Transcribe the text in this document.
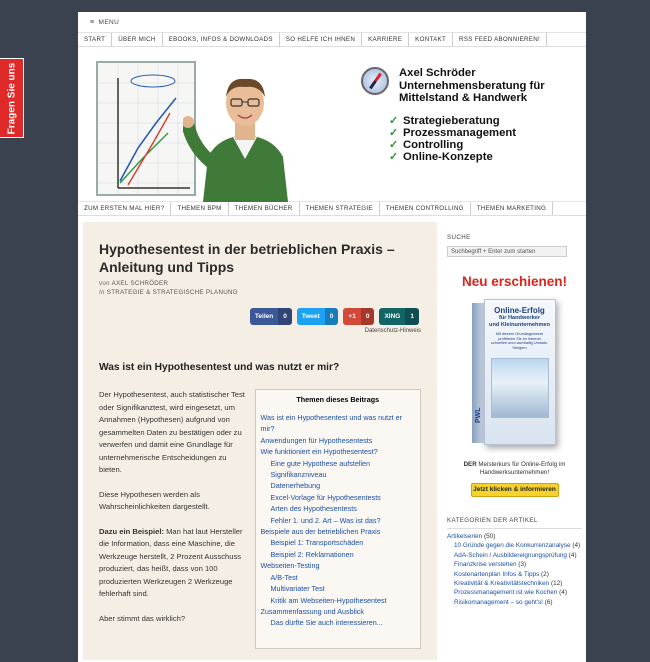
Fragen Sie uns
≡ MENU
START	ÜBER MICH	EBOOKS, INFOS & DOWNLOADS	SO HELFE ICH IHNEN	KARRIERE	KONTAKT	RSS FEED ABONNIEREN!
Axel Schröder
Unternehmensberatung für
Mittelstand & Handwerk
✓ Strategieberatung
✓ Prozessmanagement
✓ Controlling
✓ Online-Konzepte
ZUM ERSTEN MAL HIER?	THEMEN BPM	THEMEN BÜCHER	THEMEN STRATEGIE	THEMEN CONTROLLING	THEMEN MARKETING
Hypothesentest in der betrieblichen Praxis – Anleitung und Tipps
von AXEL SCHRÖDER
In STRATEGIE & STRATEGISCHE PLANUNG
Teilen	0	Tweet	0	+1	0	XING	1
Datenschutz-Hinweis
Was ist ein Hypothesentest und was nutzt er mir?

Der Hypothesentest, auch statistischer Test oder Signifikanztest, wird eingesetzt, um Annahmen (Hypothesen) aufgrund von gesammelten Daten zu bestätigen oder zu verwerfen und damit eine Grundlage für unternehmerische Entscheidungen zu bieten.

Diese Hypothesen werden als Wahrscheinlichkeiten dargestellt.

Dazu ein Beispiel: Man hat laut Hersteller die Information, dass eine Maschine, die Werkzeuge herstellt, 2 Prozent Ausschuss produziert, das heißt, dass von 100 produzierten Werkzeugen 2 Werkzeuge fehlerhaft sind.

Aber stimmt das wirklich?

Themen dieses Beitrags
Was ist ein Hypothesentest und was nutzt er mir?
Anwendungen für Hypothesentests
Wie funktioniert ein Hypothesentest?
Eine gute Hypothese aufstellen
Signifikanzniveau
Datenerhebung
Excel-Vorlage für Hypothesentests
Arten des Hypothesentests
Fehler 1. und 2. Art – Was ist das?
Beispiele aus der betrieblichen Praxis
Beispiel 1: Transportschäden
Beispiel 2: Reklamationen
Webseiten-Testing
A/B-Test
Multivariater Test
Kritik am Webseiten-Hypothesentest
Zusammenfassung und Ausblick
Das dürfte Sie auch interessieren...
SUCHE
Suchbegriff + Enter zum starten
Neu erschienen!
PWL
Online-Erfolg
für Handwerker
und Kleinunternehmen
Mit diesem Grundlagenwerk profitieren Sie im Internet schnellen und nachhaltig Umsatz-Steigern
DER Meisterkurs für Online-Erfolg im Handwerksunternehmen!
Jetzt klicken & informieren
KATEGORIEN DER ARTIKEL
Artikelserien (50)
10 Gründe gegen die Konkurrenzanalyse (4)
AdA-Schein / Ausbildereignungsprüfung (4)
Finanzkrise verstehen (3)
Kostenartenplan Infos & Tipps (2)
Kreativität & Kreativitätstechniken (12)
Prozessmanagement ist wie Kochen (4)
Risikomanagement – so geht's! (6)
